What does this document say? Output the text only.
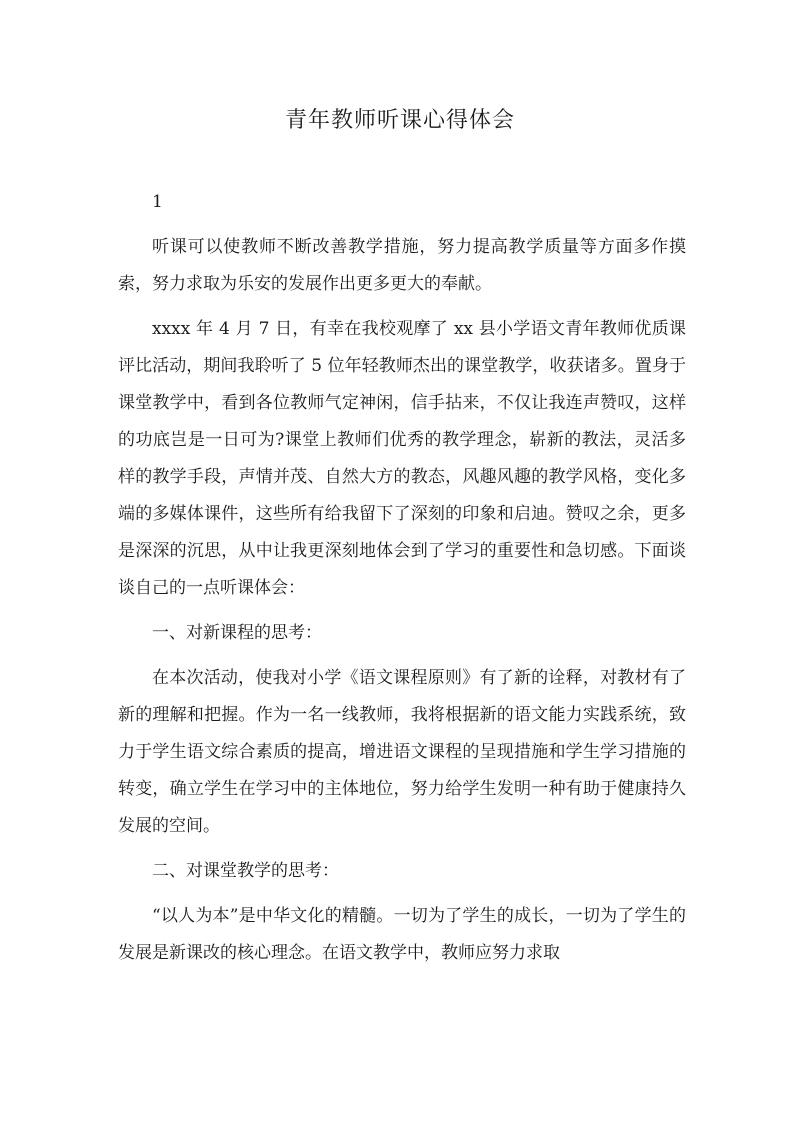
青年教师听课心得体会

1

听课可以使教师不断改善教学措施，努力提高教学质量等方面多作摸索，努力求取为乐安的发展作出更多更大的奉献。

xxxx 年 4 月 7 日，有幸在我校观摩了 xx 县小学语文青年教师优质课评比活动，期间我聆听了 5 位年轻教师杰出的课堂教学，收获诸多。置身于课堂教学中，看到各位教师气定神闲，信手拈来，不仅让我连声赞叹，这样的功底岂是一日可为?课堂上教师们优秀的教学理念，崭新的教法，灵活多样的教学手段，声情并茂、自然大方的教态，风趣风趣的教学风格，变化多端的多媒体课件，这些所有给我留下了深刻的印象和启迪。赞叹之余，更多是深深的沉思，从中让我更深刻地体会到了学习的重要性和急切感。下面谈谈自己的一点听课体会：

一、对新课程的思考：

在本次活动，使我对小学《语文课程原则》有了新的诠释，对教材有了新的理解和把握。作为一名一线教师，我将根据新的语文能力实践系统，致力于学生语文综合素质的提高，增进语文课程的呈现措施和学生学习措施的转变，确立学生在学习中的主体地位，努力给学生发明一种有助于健康持久发展的空间。

二、对课堂教学的思考：

“以人为本”是中华文化的精髓。一切为了学生的成长，一切为了学生的发展是新课改的核心理念。在语文教学中，教师应努力求取
